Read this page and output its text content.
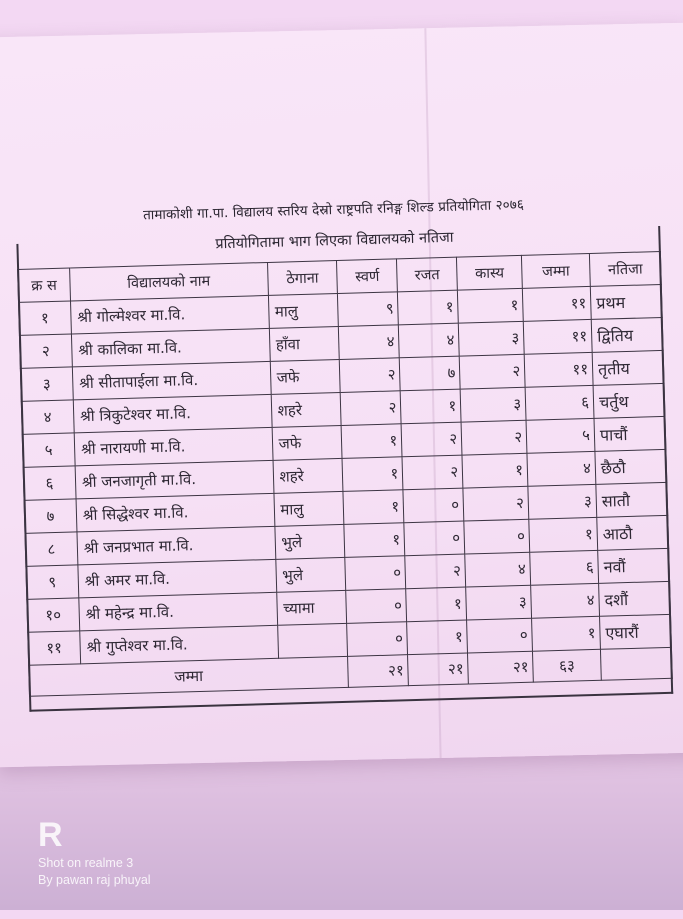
तामाकोशी गा.पा. विद्यालय स्तरिय देस्रो राष्ट्रपति रनिङ्ग शिल्ड प्रतियोगिता २०७६
प्रतियोगितामा भाग लिएका विद्यालयको नतिजा
क्र स	विद्यालयको नाम	ठेगाना	स्वर्ण	रजत	कास्य	जम्मा	नतिजा
१	श्री गोल्मेश्वर मा.वि.	मालु	९	१	१	११	प्रथम
२	श्री कालिका मा.वि.	हाँवा	४	४	३	११	द्वितिय
३	श्री सीतापाईला मा.वि.	जफे	२	७	२	११	तृतीय
४	श्री त्रिकुटेश्वर मा.वि.	शहरे	२	१	३	६	चर्तुथ
५	श्री नारायणी मा.वि.	जफे	१	२	२	५	पाचौं
६	श्री जनजागृती मा.वि.	शहरे	१	२	१	४	छैठौ
७	श्री सिद्धेश्वर मा.वि.	मालु	१	०	२	३	सातौ
८	श्री जनप्रभात मा.वि.	भुले	१	०	०	१	आठौ
९	श्री अमर मा.वि.	भुले	०	२	४	६	नवौं
१०	श्री महेन्द्र मा.वि.	च्यामा	०	१	३	४	दशौं
११	श्री गुप्तेश्वर मा.वि.		०	१	०	१	एघारौं
जम्मा			२१	२१	२१	६३	
R
Shot on realme 3
By pawan raj phuyal
